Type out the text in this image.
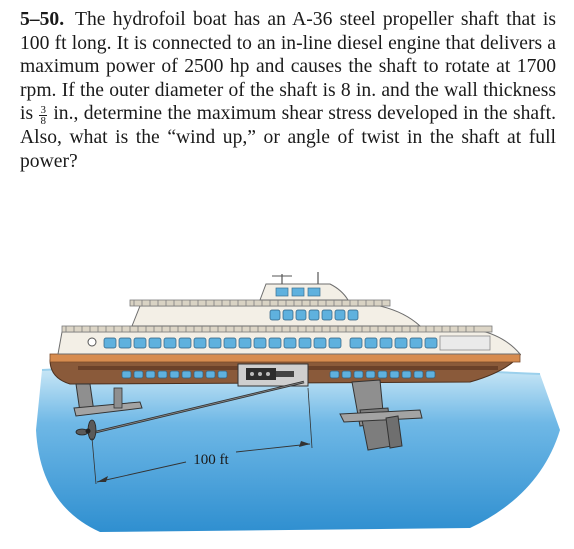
5–50. The hydrofoil boat has an A-36 steel propeller shaft that is 100 ft long. It is connected to an in-line diesel engine that delivers a maximum power of 2500 hp and causes the shaft to rotate at 1700 rpm. If the outer diameter of the shaft is 8 in. and the wall thickness is $\frac{3}{8}$ in., determine the maximum shear stress developed in the shaft. Also, what is the “wind up,” or angle of twist in the shaft at full power?
100 ft
